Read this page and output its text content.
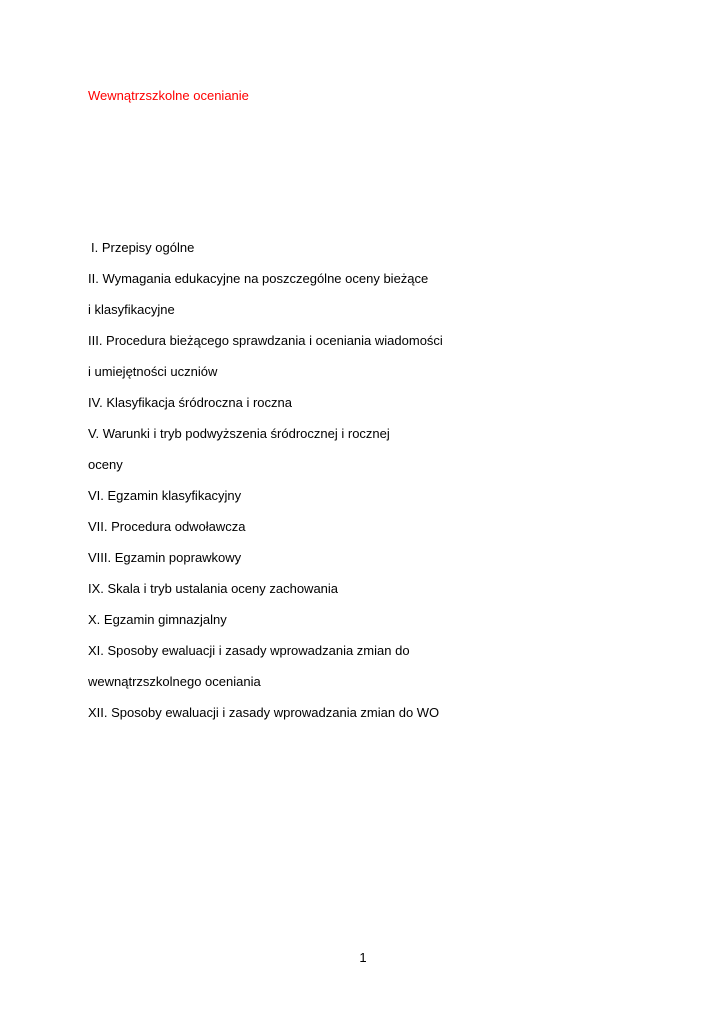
Wewnątrzszkolne ocenianie
I. Przepisy ogólne
II. Wymagania edukacyjne na poszczególne oceny bieżące
i klasyfikacyjne
III. Procedura bieżącego sprawdzania i oceniania wiadomości
i umiejętności uczniów
IV. Klasyfikacja śródroczna i roczna
V. Warunki i tryb podwyższenia śródrocznej i rocznej
oceny
VI. Egzamin klasyfikacyjny
VII. Procedura odwoławcza
VIII. Egzamin poprawkowy
IX. Skala i tryb ustalania oceny zachowania
X. Egzamin gimnazjalny
XI. Sposoby ewaluacji i zasady wprowadzania zmian do
wewnątrzszkolnego oceniania
XII. Sposoby ewaluacji i zasady wprowadzania zmian do WO
1
